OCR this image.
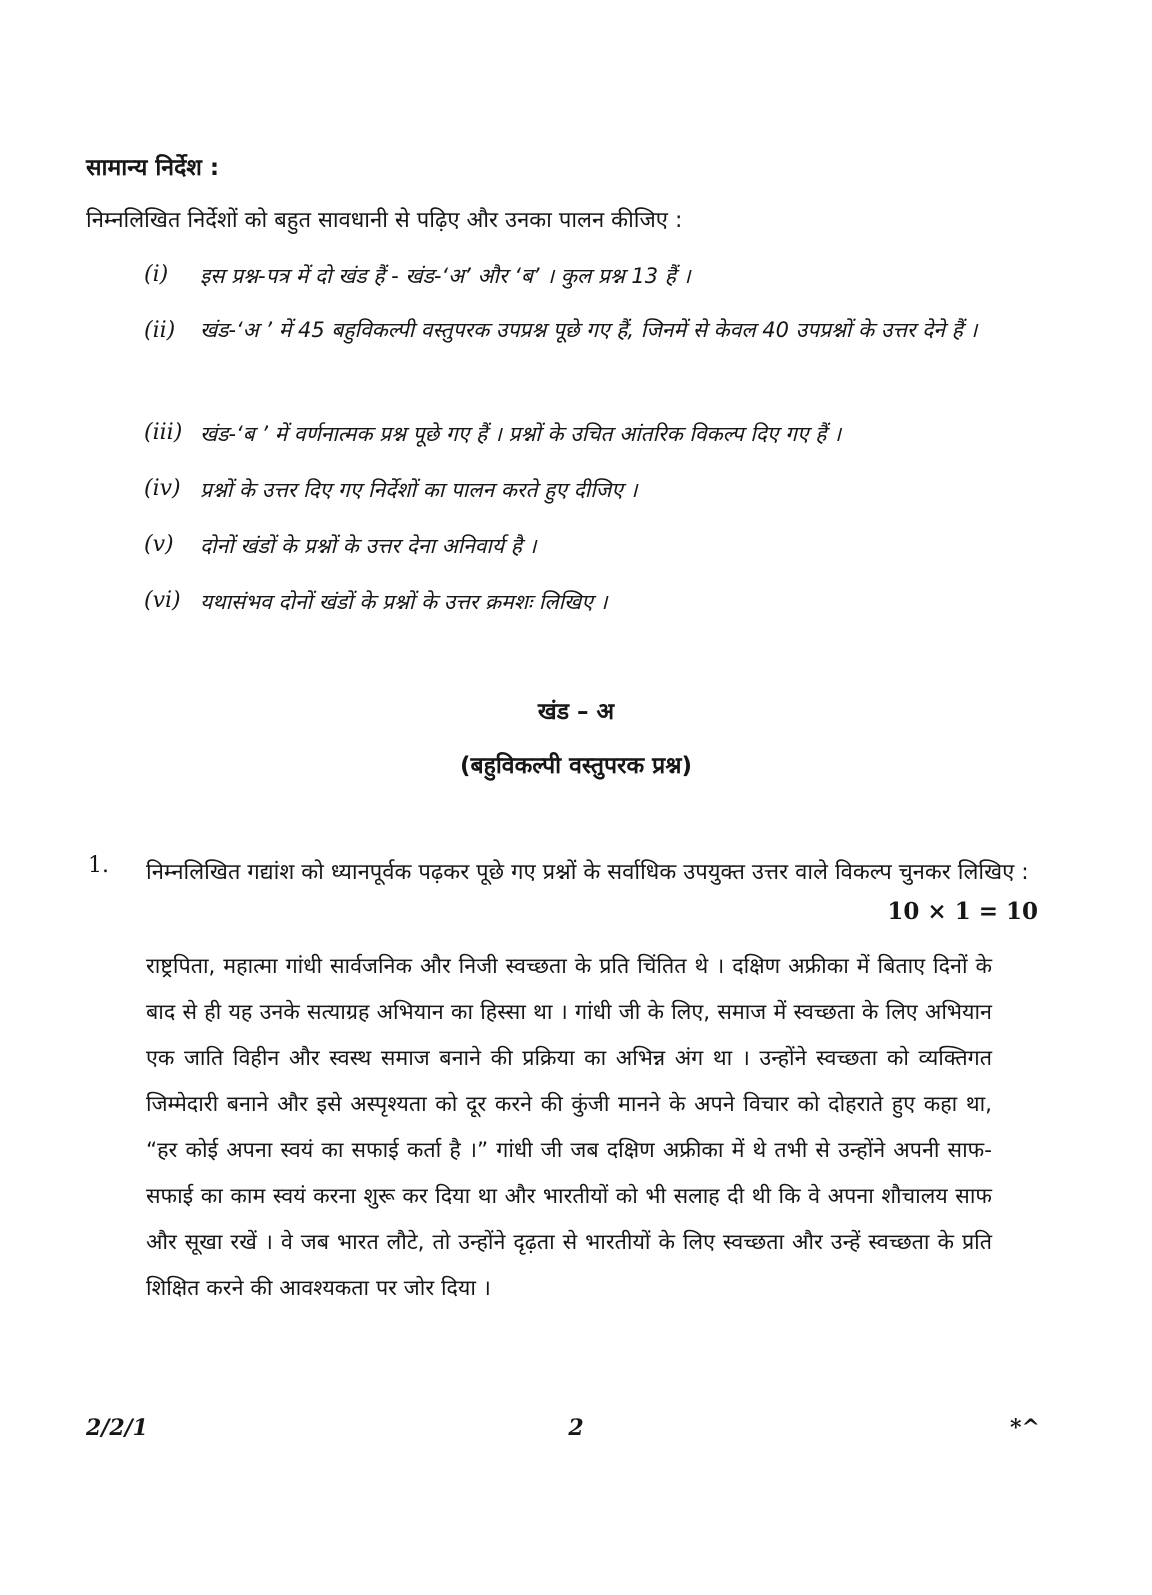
सामान्य निर्देश :
निम्नलिखित निर्देशों को बहुत सावधानी से पढ़िए और उनका पालन कीजिए :
(i) इस प्रश्न-पत्र में दो खंड हैं - खंड-‘अ’ और ‘ब’ । कुल प्रश्न 13 हैं ।
(ii) खंड-‘अ ’ में 45 बहुविकल्पी वस्तुपरक उपप्रश्न पूछे गए हैं, जिनमें से केवल 40 उपप्रश्नों के उत्तर देने हैं ।
(iii) खंड-‘ब ’ में वर्णनात्मक प्रश्न पूछे गए हैं । प्रश्नों के उचित आंतरिक विकल्प दिए गए हैं ।
(iv) प्रश्नों के उत्तर दिए गए निर्देशों का पालन करते हुए दीजिए ।
(v) दोनों खंडों के प्रश्नों के उत्तर देना अनिवार्य है ।
(vi) यथासंभव दोनों खंडों के प्रश्नों के उत्तर क्रमशः लिखिए ।
खंड – अ
(बहुविकल्पी वस्तुपरक प्रश्न)
1. निम्नलिखित गद्यांश को ध्यानपूर्वक पढ़कर पूछे गए प्रश्नों के सर्वाधिक उपयुक्त उत्तर वाले विकल्प चुनकर लिखिए :
10 × 1 = 10
राष्ट्रपिता, महात्मा गांधी सार्वजनिक और निजी स्वच्छता के प्रति चिंतित थे । दक्षिण अफ्रीका में बिताए दिनों के बाद से ही यह उनके सत्याग्रह अभियान का हिस्सा था । गांधी जी के लिए, समाज में स्वच्छता के लिए अभियान एक जाति विहीन और स्वस्थ समाज बनाने की प्रक्रिया का अभिन्न अंग था । उन्होंने स्वच्छता को व्यक्तिगत जिम्मेदारी बनाने और इसे अस्पृश्यता को दूर करने की कुंजी मानने के अपने विचार को दोहराते हुए कहा था, “हर कोई अपना स्वयं का सफाई कर्ता है ।” गांधी जी जब दक्षिण अफ्रीका में थे तभी से उन्होंने अपनी साफ-सफाई का काम स्वयं करना शुरू कर दिया था और भारतीयों को भी सलाह दी थी कि वे अपना शौचालय साफ और सूखा रखें । वे जब भारत लौटे, तो उन्होंने दृढ़ता से भारतीयों के लिए स्वच्छता और उन्हें स्वच्छता के प्रति शिक्षित करने की आवश्यकता पर जोर दिया ।
2/2/1	2	*^
